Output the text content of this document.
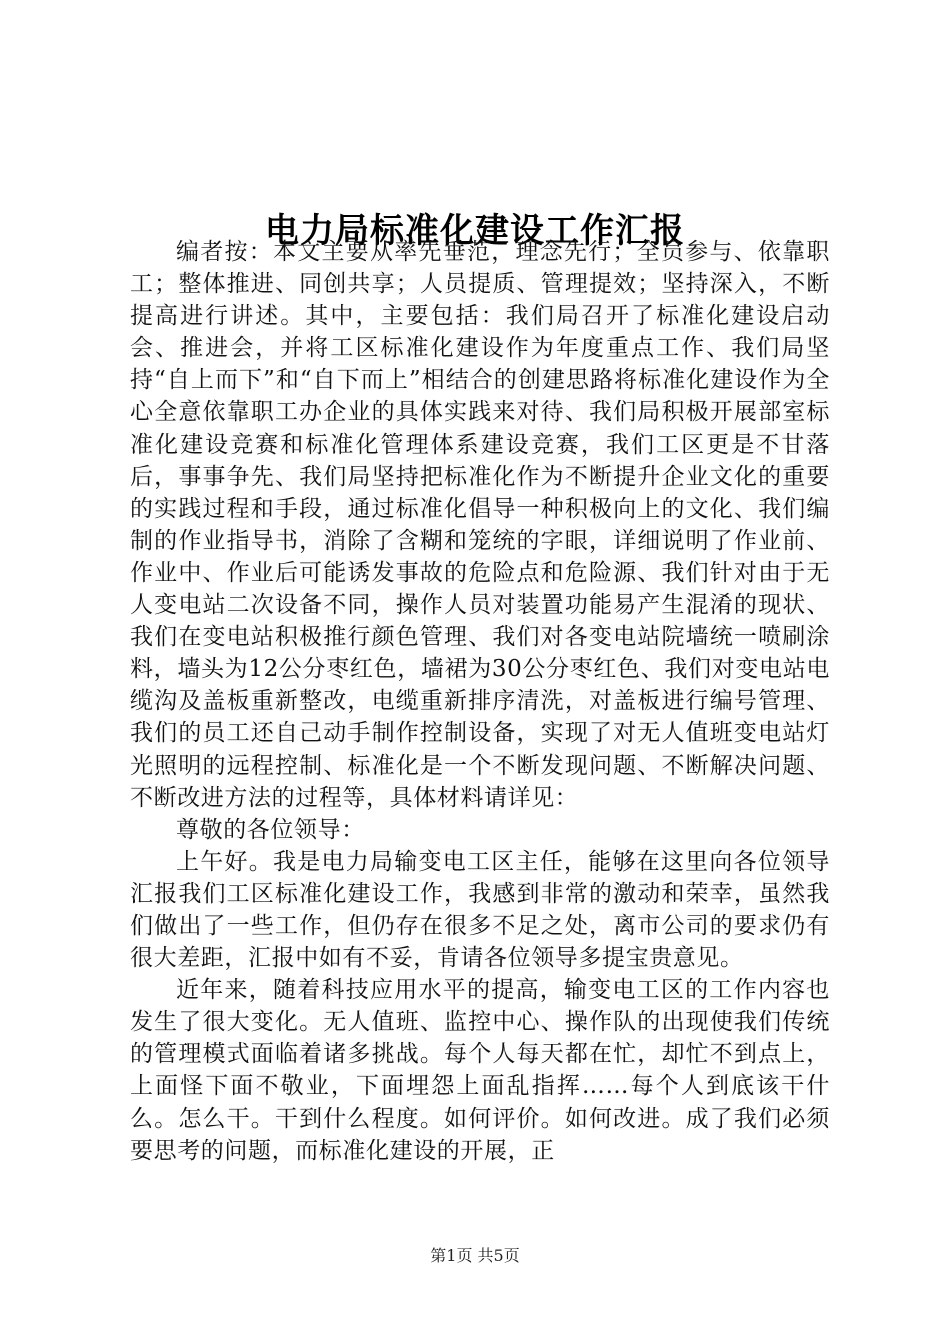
电力局标准化建设工作汇报

编者按：本文主要从率先垂范，理念先行；全员参与、依靠职工；整体推进、同创共享；人员提质、管理提效；坚持深入，不断提高进行讲述。其中，主要包括：我们局召开了标准化建设启动会、推进会，并将工区标准化建设作为年度重点工作、我们局坚持“自上而下”和“自下而上”相结合的创建思路将标准化建设作为全心全意依靠职工办企业的具体实践来对待、我们局积极开展部室标准化建设竞赛和标准化管理体系建设竞赛，我们工区更是不甘落后，事事争先、我们局坚持把标准化作为不断提升企业文化的重要的实践过程和手段，通过标准化倡导一种积极向上的文化、我们编制的作业指导书，消除了含糊和笼统的字眼，详细说明了作业前、作业中、作业后可能诱发事故的危险点和危险源、我们针对由于无人变电站二次设备不同，操作人员对装置功能易产生混淆的现状、我们在变电站积极推行颜色管理、我们对各变电站院墙统一喷刷涂料，墙头为12公分枣红色，墙裙为30公分枣红色、我们对变电站电缆沟及盖板重新整改，电缆重新排序清洗，对盖板进行编号管理、我们的员工还自己动手制作控制设备，实现了对无人值班变电站灯光照明的远程控制、标准化是一个不断发现问题、不断解决问题、不断改进方法的过程等，具体材料请详见：

尊敬的各位领导：

上午好。我是电力局输变电工区主任，能够在这里向各位领导汇报我们工区标准化建设工作，我感到非常的激动和荣幸，虽然我们做出了一些工作，但仍存在很多不足之处，离市公司的要求仍有很大差距，汇报中如有不妥，肯请各位领导多提宝贵意见。

近年来，随着科技应用水平的提高，输变电工区的工作内容也发生了很大变化。无人值班、监控中心、操作队的出现使我们传统的管理模式面临着诸多挑战。每个人每天都在忙，却忙不到点上，上面怪下面不敬业，下面埋怨上面乱指挥……每个人到底该干什么。怎么干。干到什么程度。如何评价。如何改进。成了我们必须要思考的问题，而标准化建设的开展，正

第1页 共5页
